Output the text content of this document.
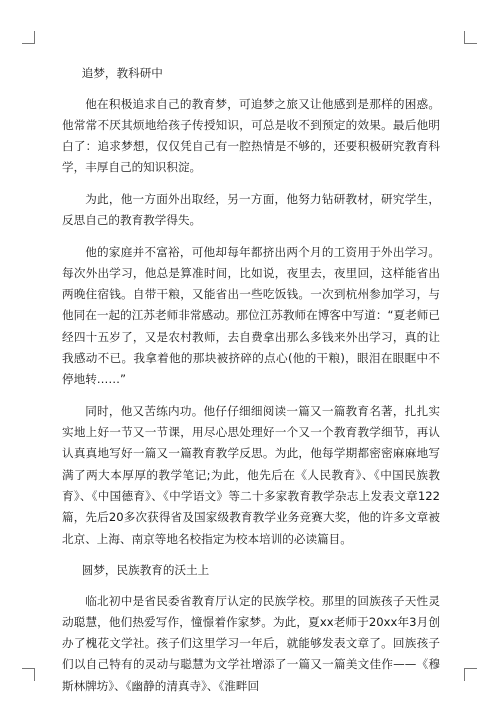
追梦，教科研中

他在积极追求自己的教育梦，可追梦之旅又让他感到是那样的困惑。他常常不厌其烦地给孩子传授知识，可总是收不到预定的效果。最后他明白了：追求梦想，仅仅凭自己有一腔热情是不够的，还要积极研究教育科学，丰厚自己的知识积淀。

为此，他一方面外出取经，另一方面，他努力钻研教材，研究学生，反思自己的教育教学得失。

他的家庭并不富裕，可他却每年都挤出两个月的工资用于外出学习。每次外出学习，他总是算准时间，比如说，夜里去，夜里回，这样能省出两晚住宿钱。自带干粮，又能省出一些吃饭钱。一次到杭州参加学习，与他同在一起的江苏老师非常感动。那位江苏教师在博客中写道：“夏老师已经四十五岁了，又是农村教师，去自费拿出那么多钱来外出学习，真的让我感动不已。我拿着他的那块被挤碎的点心(他的干粮)，眼泪在眼眶中不停地转……”

同时，他又苦练内功。他仔仔细细阅读一篇又一篇教育名著，扎扎实实地上好一节又一节课，用尽心思处理好一个又一个教育教学细节，再认认真真地写好一篇又一篇教育教学反思。为此，他每学期都密密麻麻地写满了两大本厚厚的教学笔记;为此，他先后在《人民教育》、《中国民族教育》、《中国德育》、《中学语文》等二十多家教育教学杂志上发表文章122篇，先后20多次获得省及国家级教育教学业务竞赛大奖，他的许多文章被北京、上海、南京等地名校指定为校本培训的必读篇目。

圆梦，民族教育的沃土上

临北初中是省民委省教育厅认定的民族学校。那里的回族孩子天性灵动聪慧，他们热爱写作，憧憬着作家梦。为此，夏xx老师于20xx年3月创办了槐花文学社。孩子们这里学习一年后，就能够发表文章了。回族孩子们以自己特有的灵动与聪慧为文学社增添了一篇又一篇美文佳作——《穆斯林牌坊》、《幽静的清真寺》、《淮畔回
